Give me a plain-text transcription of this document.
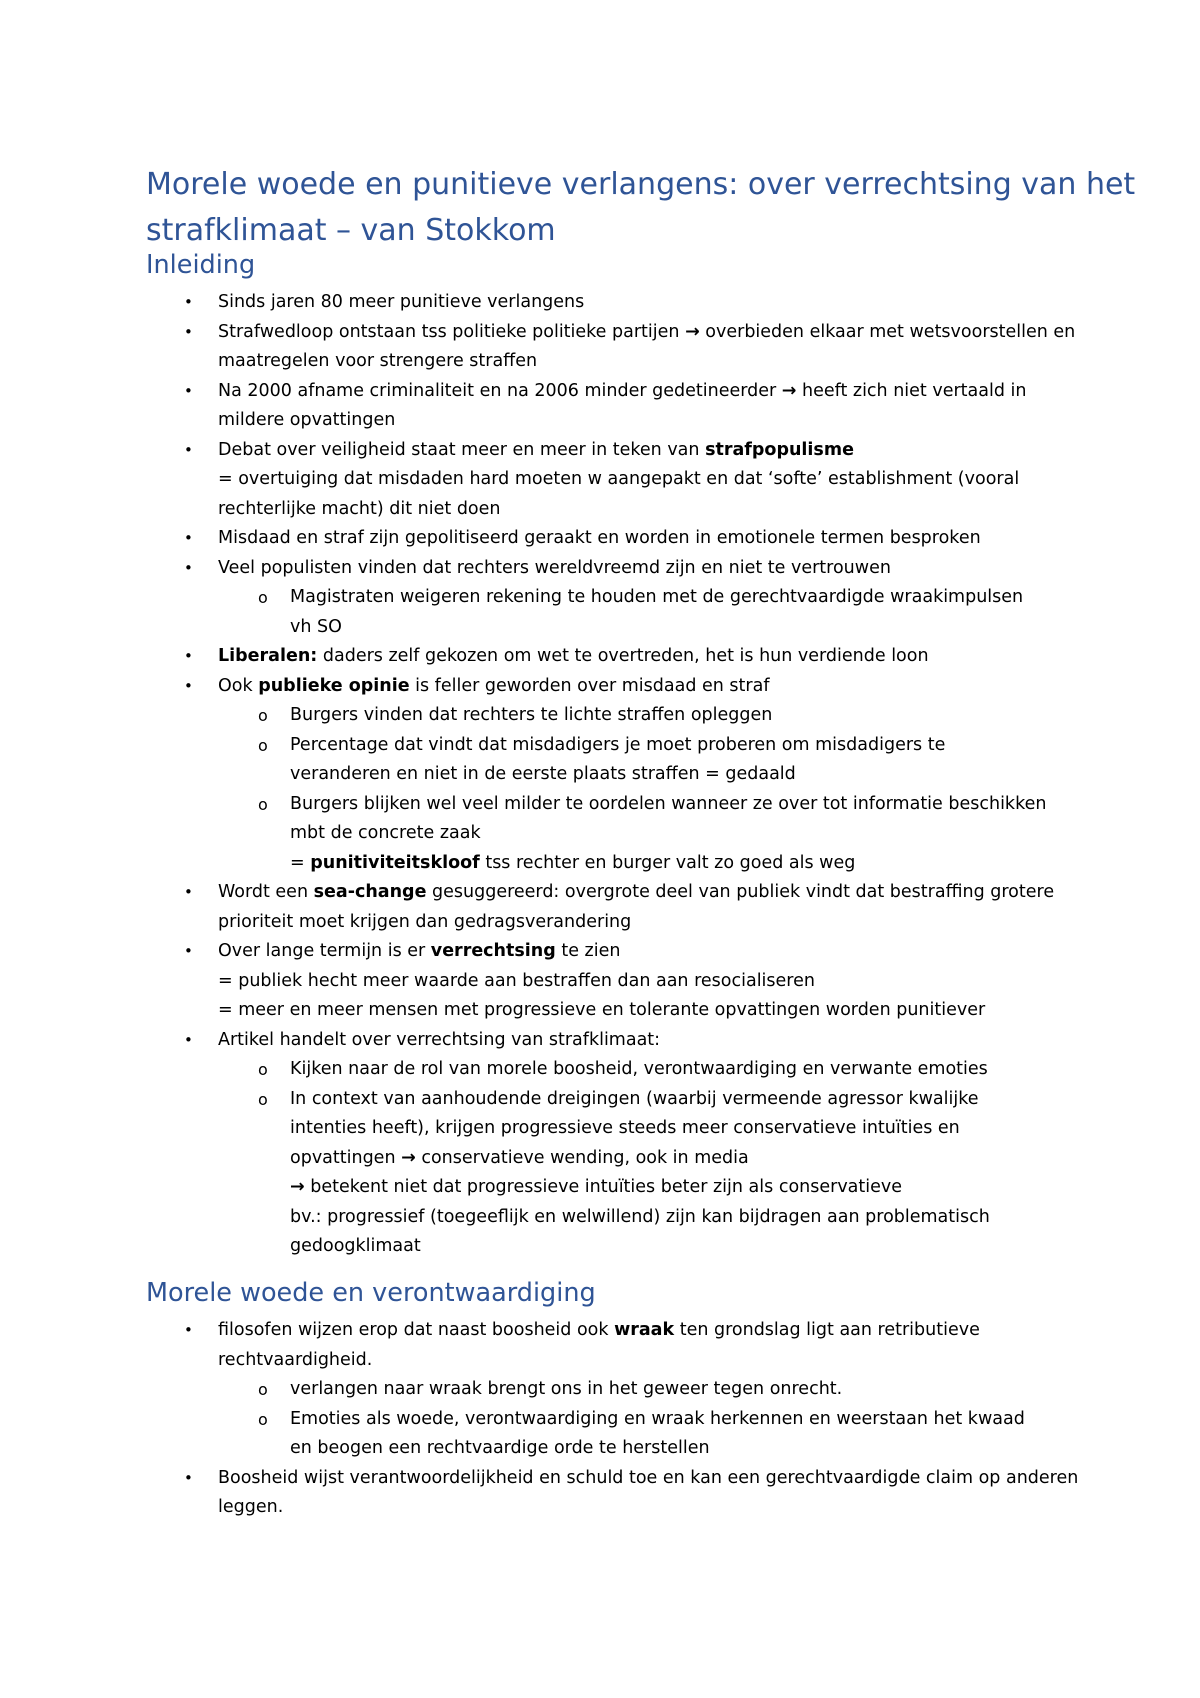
Morele woede en punitieve verlangens: over verrechtsing van het strafklimaat – van Stokkom
Inleiding
• Sinds jaren 80 meer punitieve verlangens
• Strafwedloop ontstaan tss politieke politieke partijen → overbieden elkaar met wetsvoorstellen en maatregelen voor strengere straffen
• Na 2000 afname criminaliteit en na 2006 minder gedetineerder → heeft zich niet vertaald in mildere opvattingen
• Debat over veiligheid staat meer en meer in teken van strafpopulisme
= overtuiging dat misdaden hard moeten w aangepakt en dat ‘softe’ establishment (vooral rechterlijke macht) dit niet doen
• Misdaad en straf zijn gepolitiseerd geraakt en worden in emotionele termen besproken
• Veel populisten vinden dat rechters wereldvreemd zijn en niet te vertrouwen
o Magistraten weigeren rekening te houden met de gerechtvaardigde wraakimpulsen vh SO
• Liberalen: daders zelf gekozen om wet te overtreden, het is hun verdiende loon
• Ook publieke opinie is feller geworden over misdaad en straf
o Burgers vinden dat rechters te lichte straffen opleggen
o Percentage dat vindt dat misdadigers je moet proberen om misdadigers te veranderen en niet in de eerste plaats straffen = gedaald
o Burgers blijken wel veel milder te oordelen wanneer ze over tot informatie beschikken mbt de concrete zaak
= punitiviteitskloof tss rechter en burger valt zo goed als weg
• Wordt een sea-change gesuggereerd: overgrote deel van publiek vindt dat bestraffing grotere prioriteit moet krijgen dan gedragsverandering
• Over lange termijn is er verrechtsing te zien
= publiek hecht meer waarde aan bestraffen dan aan resocialiseren
= meer en meer mensen met progressieve en tolerante opvattingen worden punitiever
• Artikel handelt over verrechtsing van strafklimaat:
o Kijken naar de rol van morele boosheid, verontwaardiging en verwante emoties
o In context van aanhoudende dreigingen (waarbij vermeende agressor kwalijke intenties heeft), krijgen progressieve steeds meer conservatieve intuïties en opvattingen → conservatieve wending, ook in media
→ betekent niet dat progressieve intuïties beter zijn als conservatieve
bv.: progressief (toegeeflijk en welwillend) zijn kan bijdragen aan problematisch gedoogklimaat
Morele woede en verontwaardiging
• filosofen wijzen erop dat naast boosheid ook wraak ten grondslag ligt aan retributieve rechtvaardigheid.
o verlangen naar wraak brengt ons in het geweer tegen onrecht.
o Emoties als woede, verontwaardiging en wraak herkennen en weerstaan het kwaad en beogen een rechtvaardige orde te herstellen
• Boosheid wijst verantwoordelijkheid en schuld toe en kan een gerechtvaardigde claim op anderen leggen.
